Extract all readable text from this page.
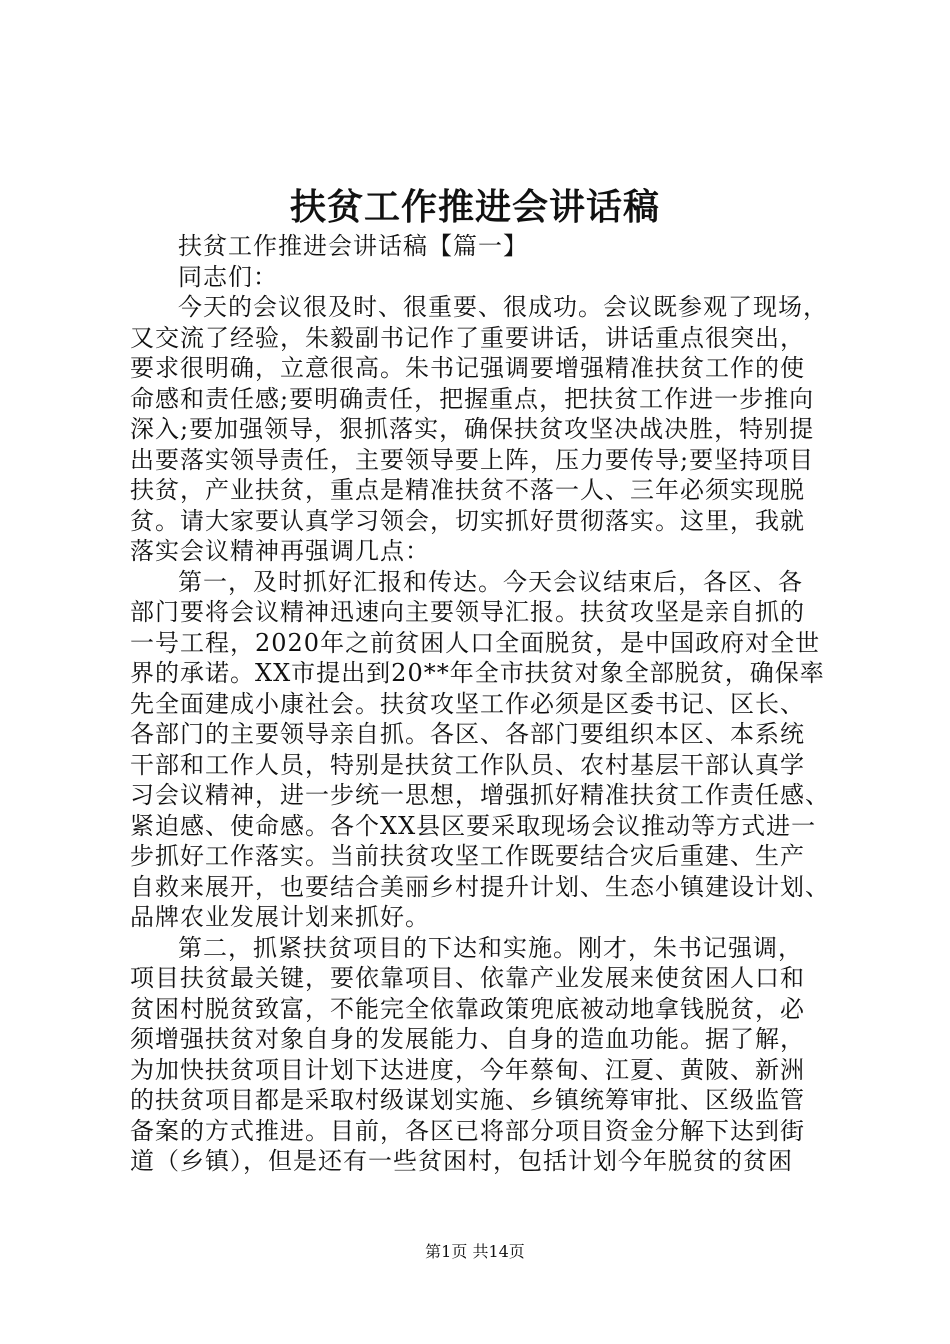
扶贫工作推进会讲话稿
扶贫工作推进会讲话稿【篇一】
同志们：
今天的会议很及时、很重要、很成功。会议既参观了现场，
又交流了经验，朱毅副书记作了重要讲话，讲话重点很突出，
要求很明确，立意很高。朱书记强调要增强精准扶贫工作的使
命感和责任感;要明确责任，把握重点，把扶贫工作进一步推向
深入;要加强领导，狠抓落实，确保扶贫攻坚决战决胜，特别提
出要落实领导责任，主要领导要上阵，压力要传导;要坚持项目
扶贫，产业扶贫，重点是精准扶贫不落一人、三年必须实现脱
贫。请大家要认真学习领会，切实抓好贯彻落实。这里，我就
落实会议精神再强调几点：
第一，及时抓好汇报和传达。今天会议结束后，各区、各
部门要将会议精神迅速向主要领导汇报。扶贫攻坚是亲自抓的
一号工程，2020年之前贫困人口全面脱贫，是中国政府对全世
界的承诺。XX市提出到20**年全市扶贫对象全部脱贫，确保率
先全面建成小康社会。扶贫攻坚工作必须是区委书记、区长、
各部门的主要领导亲自抓。各区、各部门要组织本区、本系统
干部和工作人员，特别是扶贫工作队员、农村基层干部认真学
习会议精神，进一步统一思想，增强抓好精准扶贫工作责任感、
紧迫感、使命感。各个XX县区要采取现场会议推动等方式进一
步抓好工作落实。当前扶贫攻坚工作既要结合灾后重建、生产
自救来展开，也要结合美丽乡村提升计划、生态小镇建设计划、
品牌农业发展计划来抓好。
第二，抓紧扶贫项目的下达和实施。刚才，朱书记强调，
项目扶贫最关键，要依靠项目、依靠产业发展来使贫困人口和
贫困村脱贫致富，不能完全依靠政策兜底被动地拿钱脱贫，必
须增强扶贫对象自身的发展能力、自身的造血功能。据了解，
为加快扶贫项目计划下达进度，今年蔡甸、江夏、黄陂、新洲
的扶贫项目都是采取村级谋划实施、乡镇统筹审批、区级监管
备案的方式推进。目前，各区已将部分项目资金分解下达到街
道（乡镇），但是还有一些贫困村，包括计划今年脱贫的贫困
第1页 共14页
